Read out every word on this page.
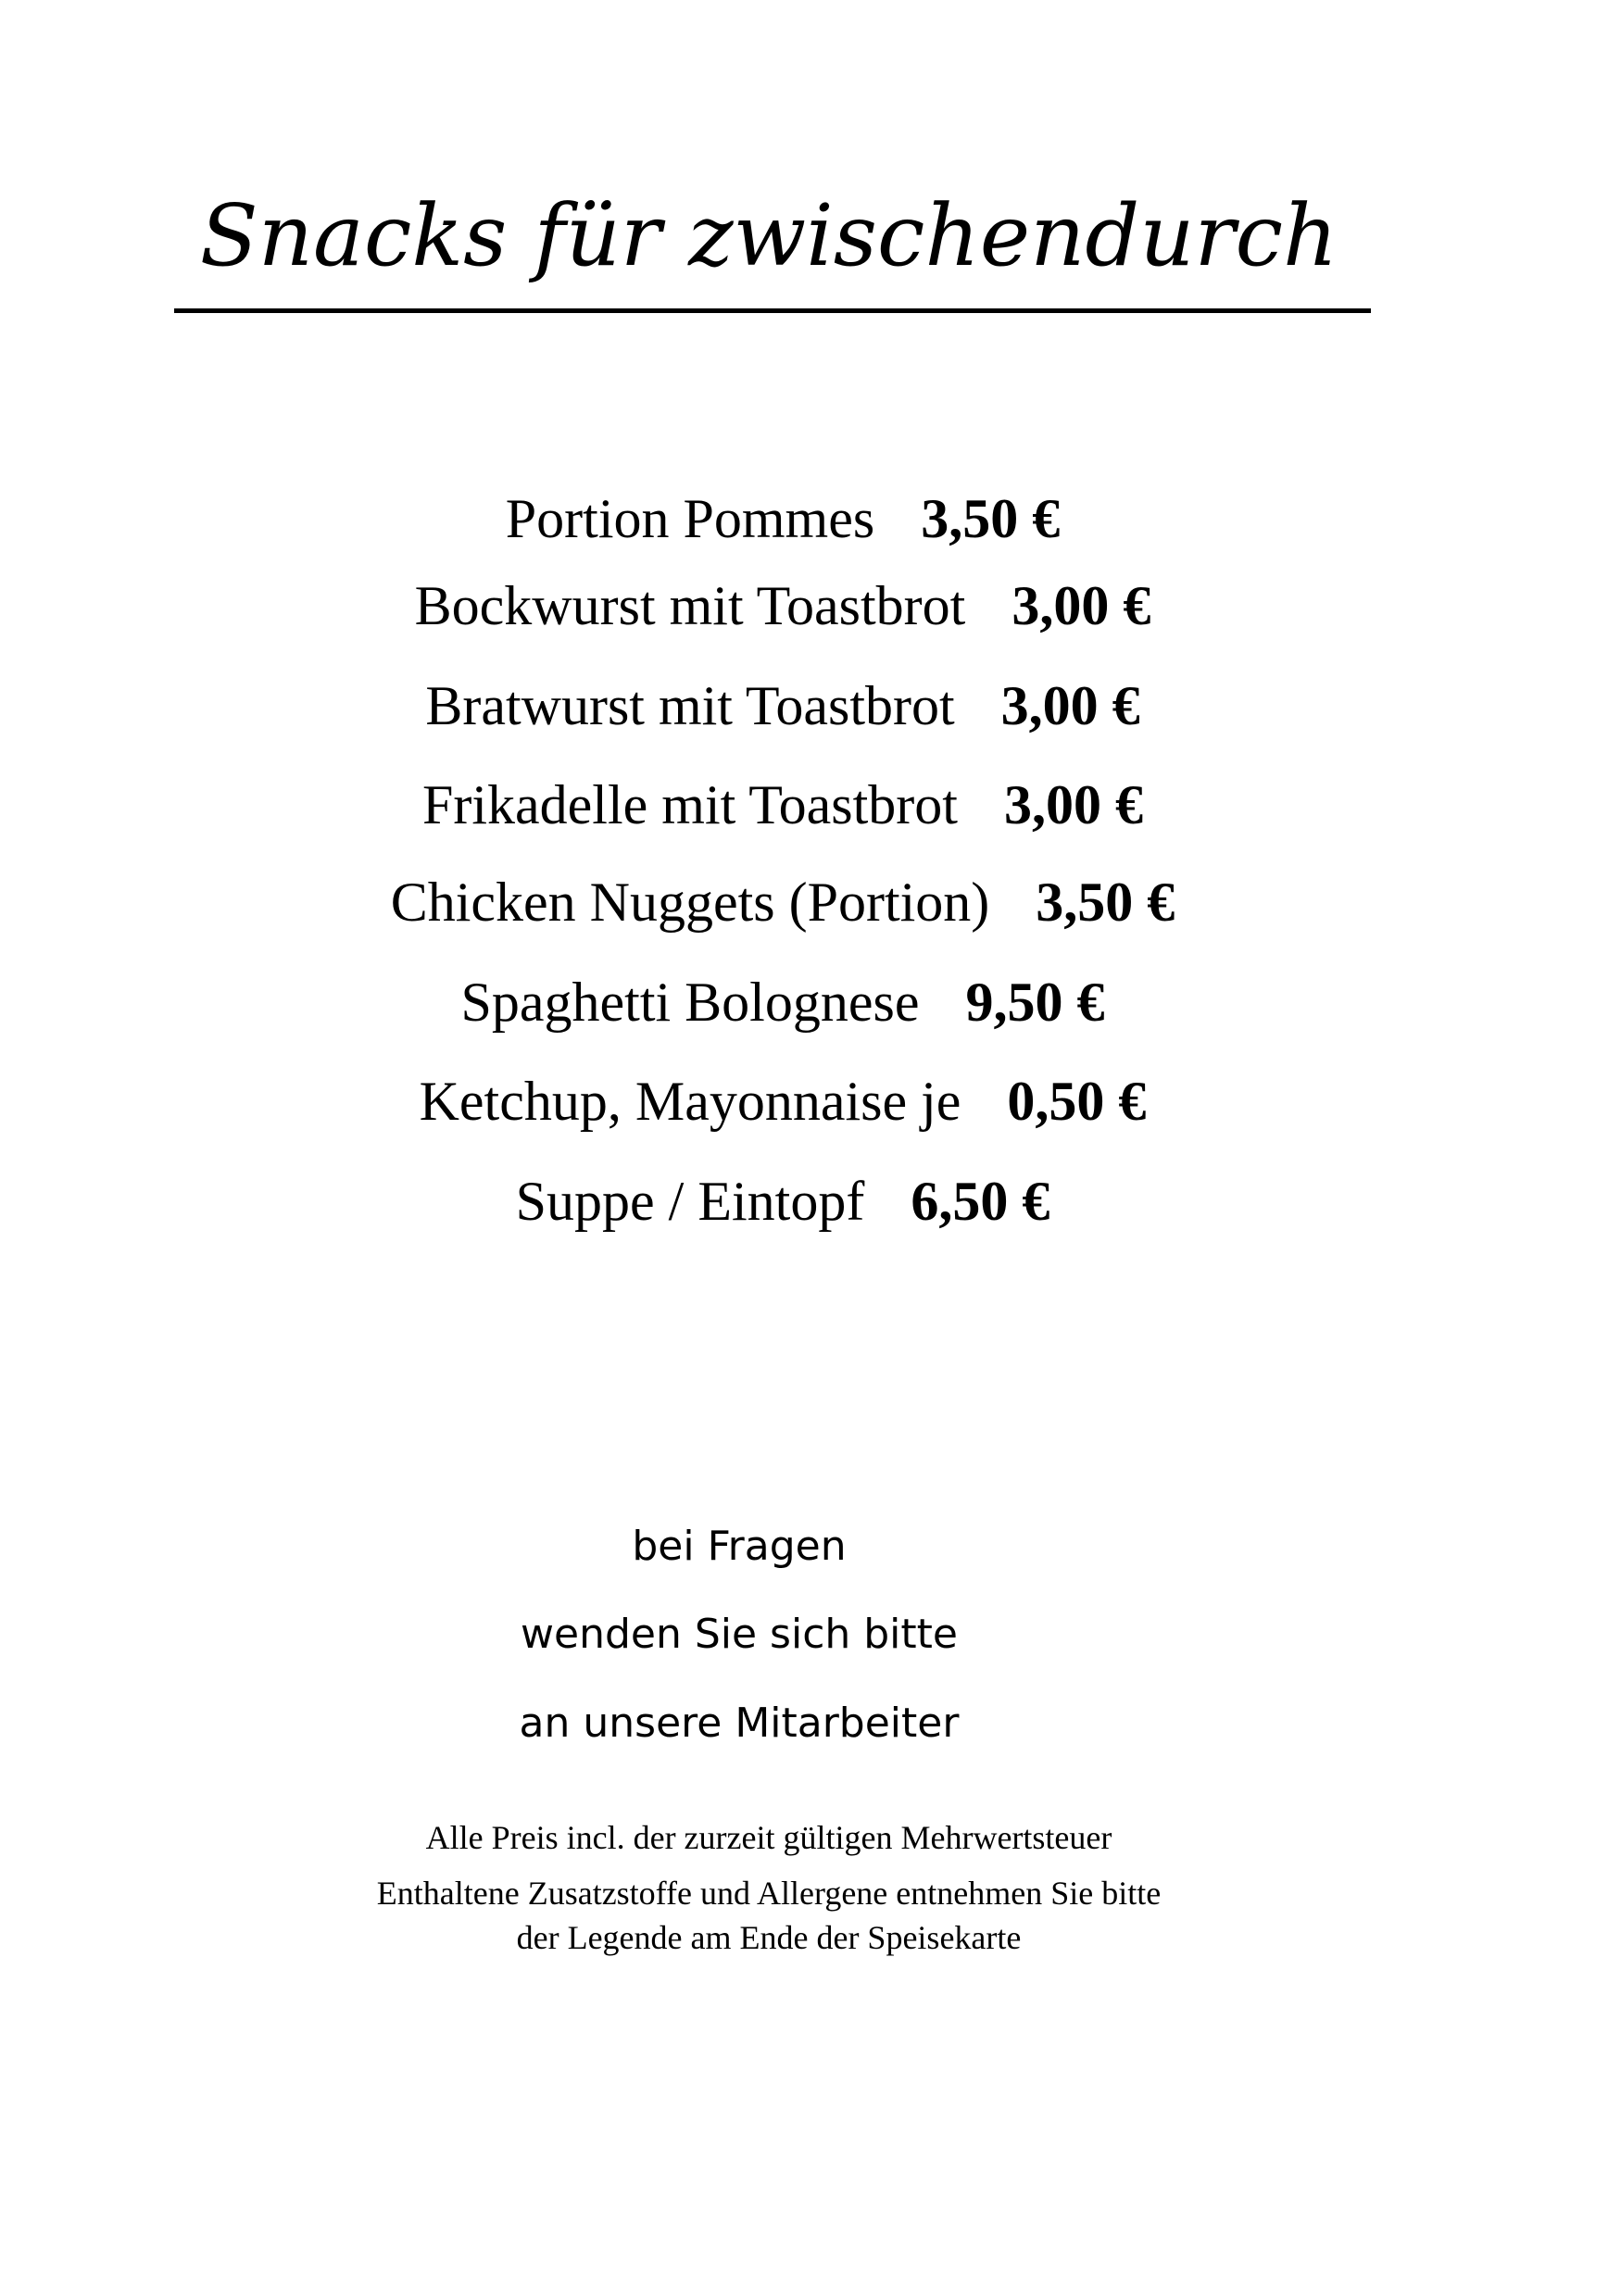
Snacks für zwischendurch
Portion Pommes 3,50 €
Bockwurst mit Toastbrot 3,00 €
Bratwurst mit Toastbrot 3,00 €
Frikadelle mit Toastbrot 3,00 €
Chicken Nuggets (Portion) 3,50 €
Spaghetti Bolognese 9,50 €
Ketchup, Mayonnaise je 0,50 €
Suppe / Eintopf 6,50 €
bei Fragen
wenden Sie sich bitte
an unsere Mitarbeiter
Alle Preis incl. der zurzeit gültigen Mehrwertsteuer
Enthaltene Zusatzstoffe und Allergene entnehmen Sie bitte
der Legende am Ende der Speisekarte
